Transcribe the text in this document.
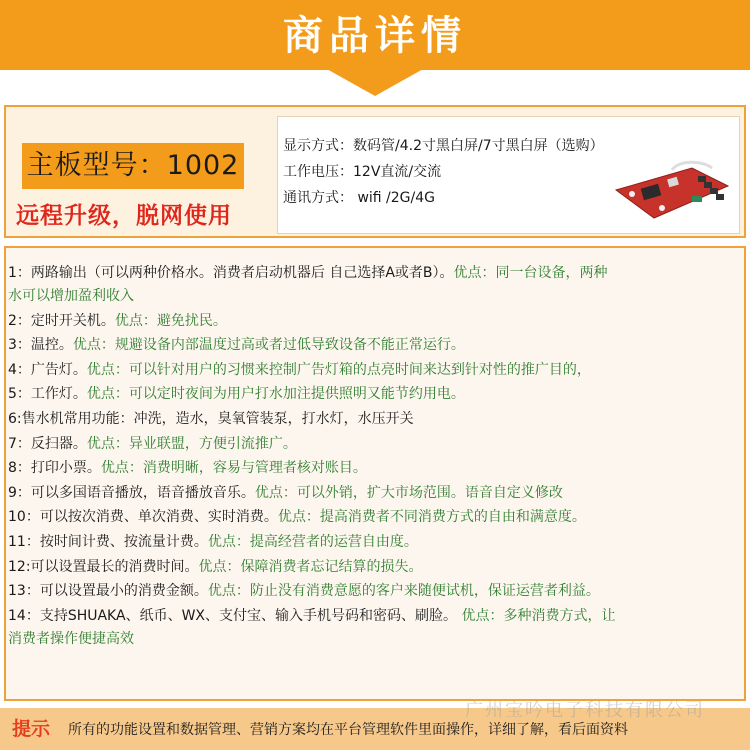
商品详情
主板型号：1002
远程升级，脱网使用
显示方式：数码管/4.2寸黑白屏/7寸黑白屏（选购）
工作电压：12V直流/交流
通讯方式： wifi /2G/4G
1：两路输出（可以两种价格水。消费者启动机器后 自己选择A或者B）。优点：同一台设备，两种
水可以增加盈利收入
2：定时开关机。优点：避免扰民。
3：温控。优点：规避设备内部温度过高或者过低导致设备不能正常运行。
4：广告灯。优点：可以针对用户的习惯来控制广告灯箱的点亮时间来达到针对性的推广目的，
5：工作灯。优点：可以定时夜间为用户打水加注提供照明又能节约用电。
6:售水机常用功能：冲洗，造水，臭氧管装泵，打水灯，水压开关
7：反扫器。优点：异业联盟，方便引流推广。
8：打印小票。优点：消费明晰，容易与管理者核对账目。
9：可以多国语音播放，语音播放音乐。优点：可以外销，扩大市场范围。语音自定义修改
10：可以按次消费、单次消费、实时消费。优点：提高消费者不同消费方式的自由和满意度。
11：按时间计费、按流量计费。优点：提高经营者的运营自由度。
12:可以设置最长的消费时间。优点：保障消费者忘记结算的损失。
13：可以设置最小的消费金额。优点：防止没有消费意愿的客户来随便试机，保证运营者利益。
14：支持SHUAKA、纸币、WX、支付宝、输入手机号码和密码、刷脸。 优点：多种消费方式，让
消费者操作便捷高效
广州宝吟电子科技有限公司
提示 所有的功能设置和数据管理、营销方案均在平台管理软件里面操作，详细了解，看后面资料
